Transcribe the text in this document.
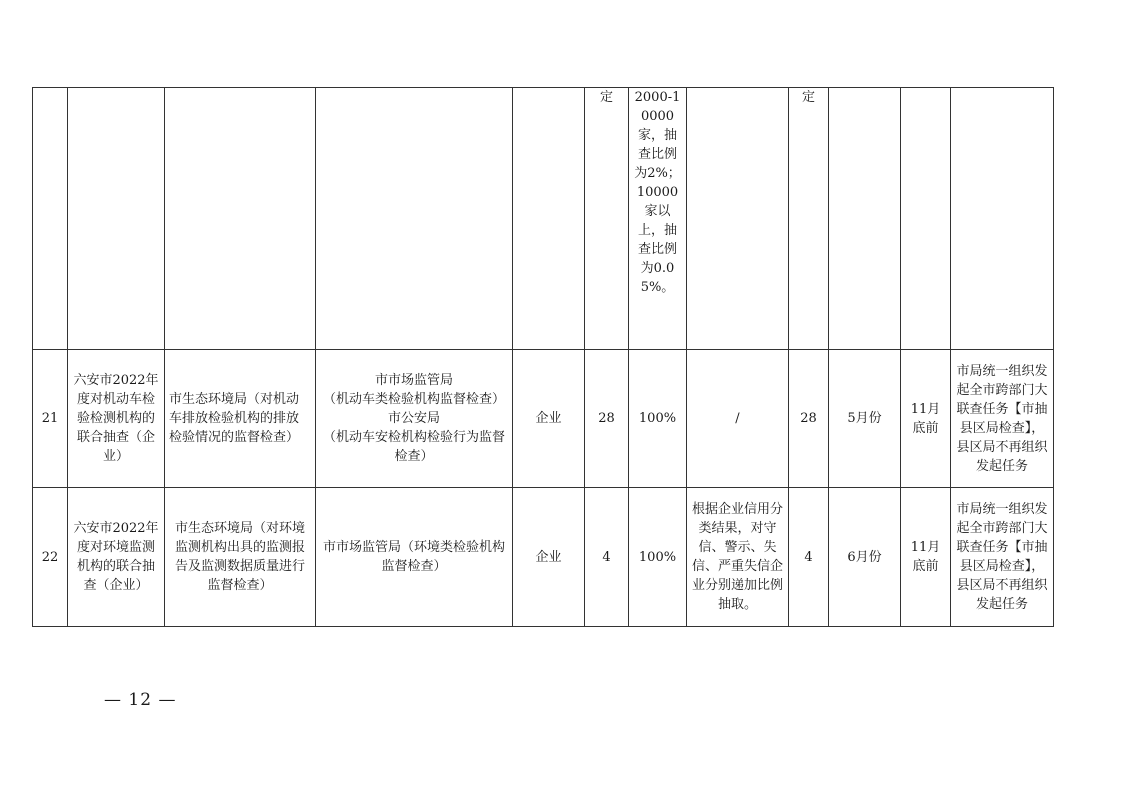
					定	2000-10000家，抽查比例为2%；10000家以上，抽查比例为0.05%。		定			
21	六安市2022年度对机动车检验检测机构的联合抽查（企业）	市生态环境局（对机动车排放检验机构的排放检验情况的监督检查）	市市场监管局
（机动车类检验机构监督检查）
市公安局
（机动车安检机构检验行为监督检查）	企业	28	100%	/	28	5月份	11月底前	市局统一组织发起全市跨部门大联查任务【市抽县区局检查】，县区局不再组织发起任务
22	六安市2022年度对环境监测机构的联合抽查（企业）	市生态环境局（对环境监测机构出具的监测报告及监测数据质量进行监督检查）	市市场监管局（环境类检验机构监督检查）	企业	4	100%	根据企业信用分类结果，对守信、警示、失信、严重失信企业分别递加比例抽取。	4	6月份	11月底前	市局统一组织发起全市跨部门大联查任务【市抽县区局检查】，县区局不再组织发起任务
— 12 —
